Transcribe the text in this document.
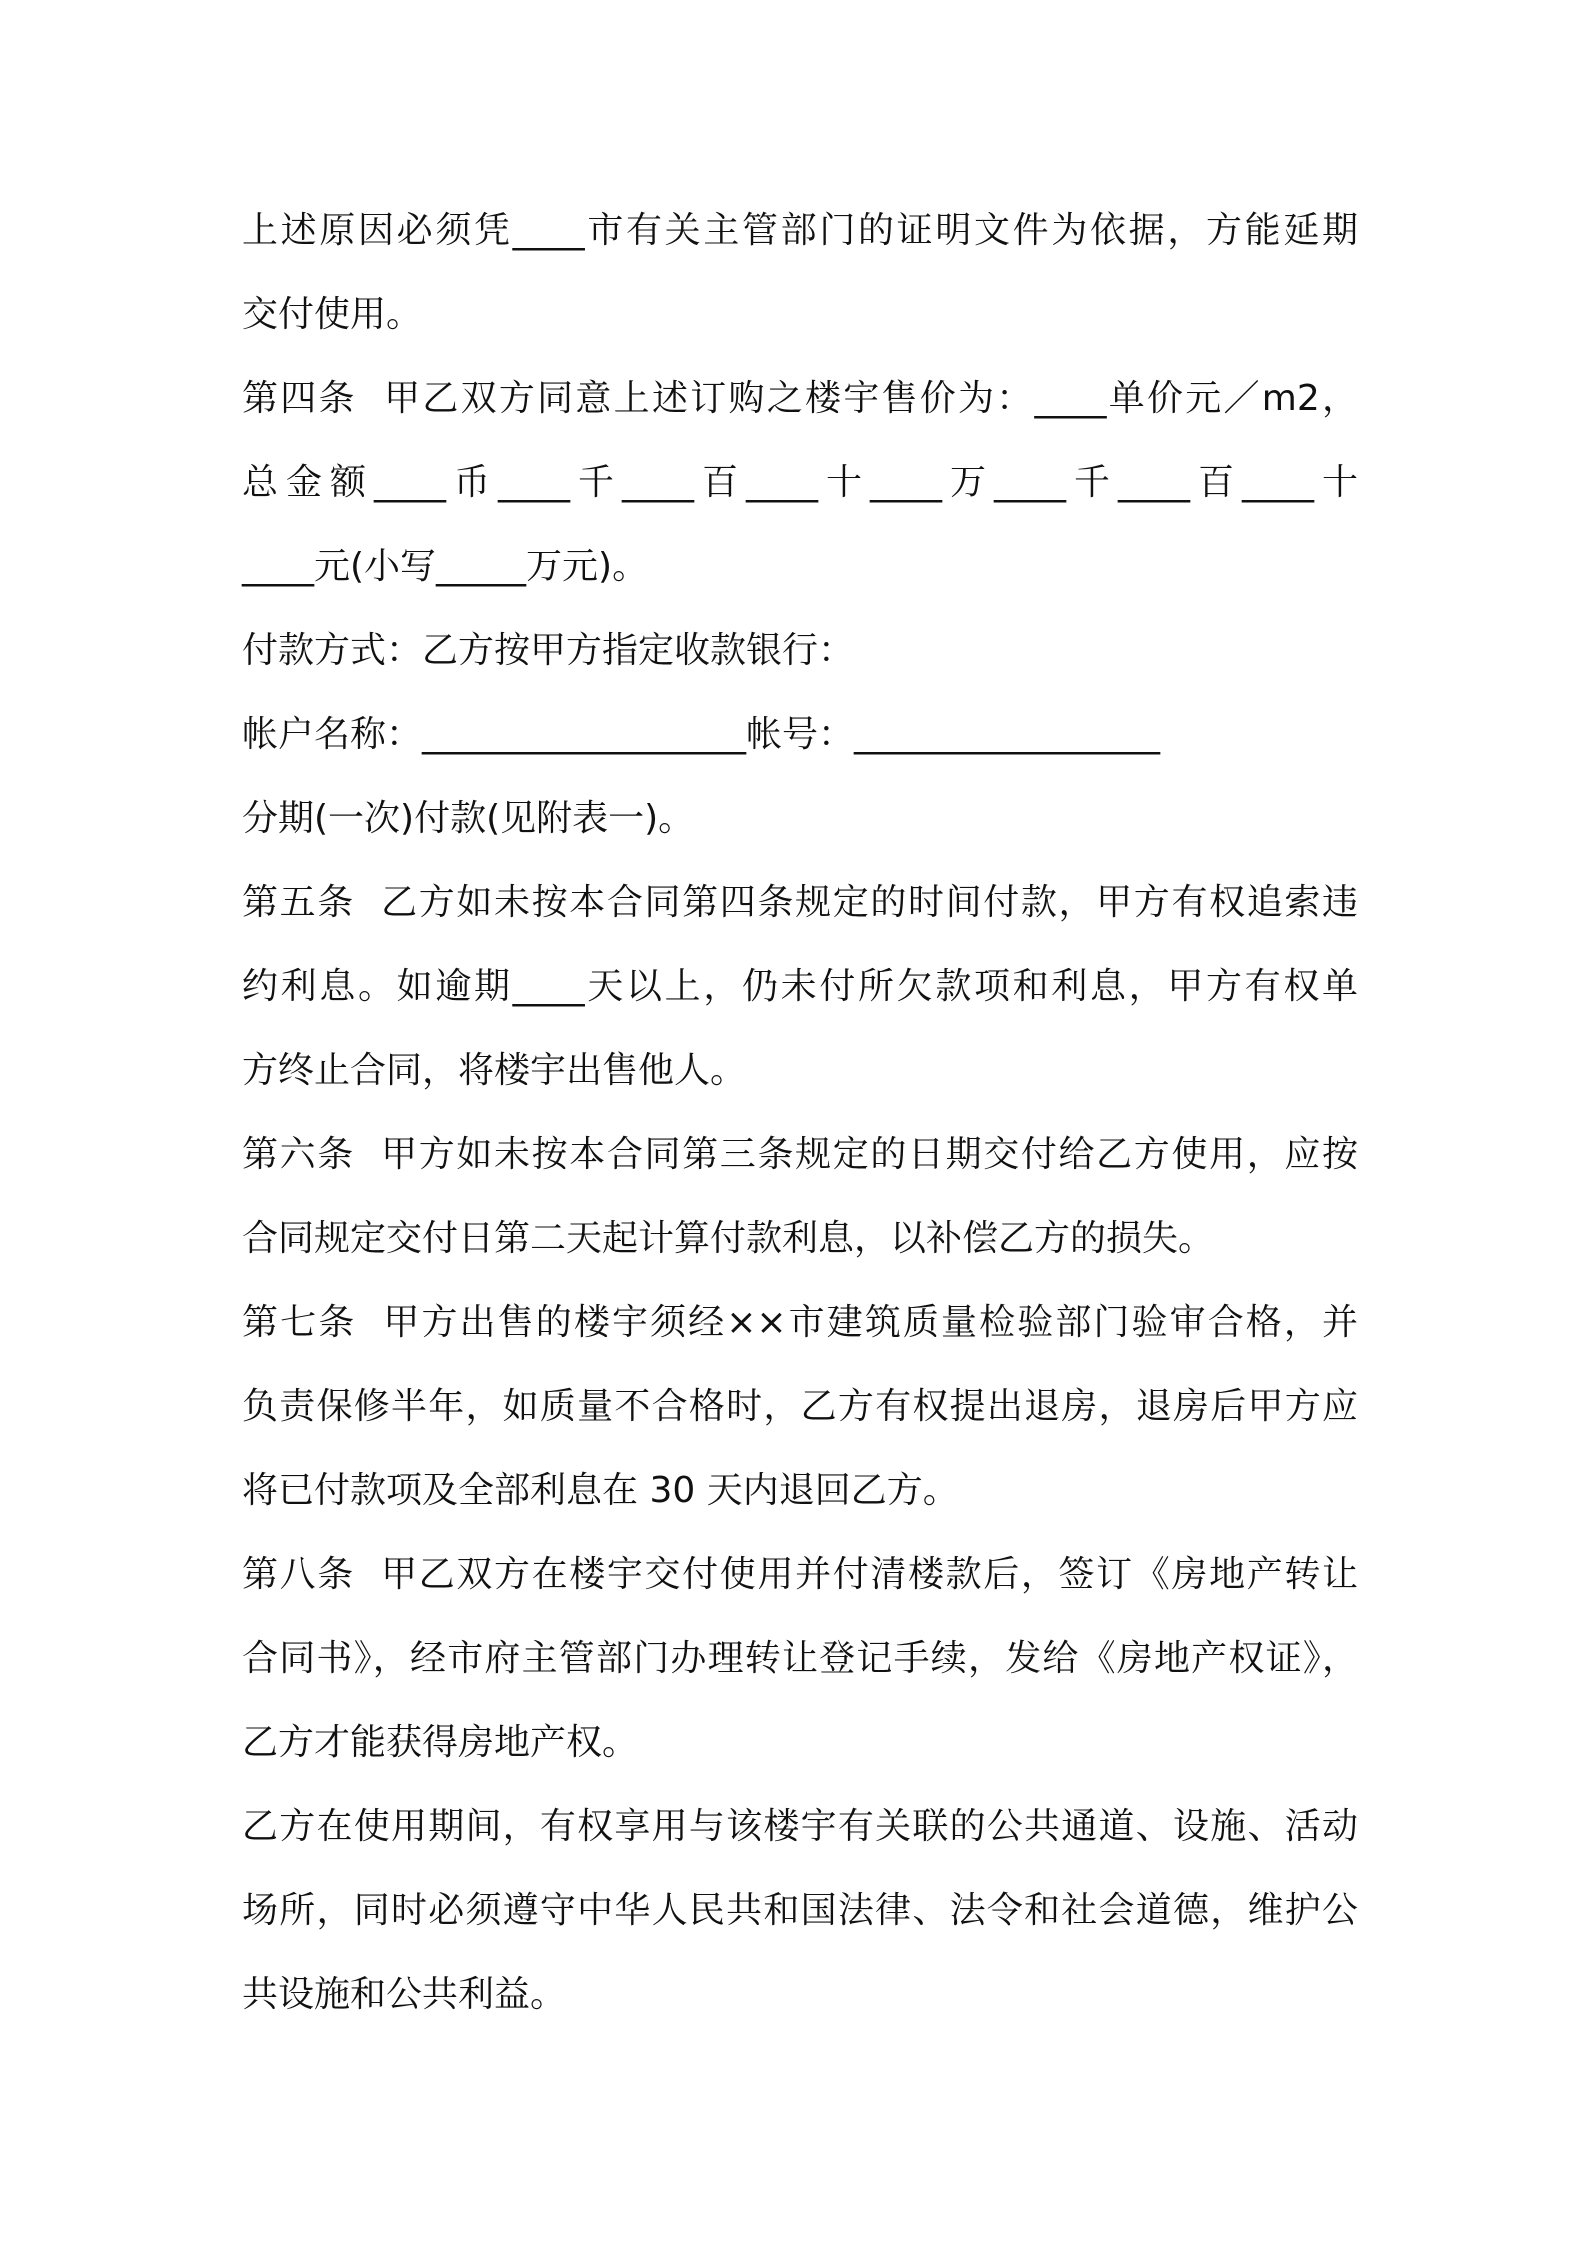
上述原因必须凭____市有关主管部门的证明文件为依据，方能延期
交付使用。
第四条  甲乙双方同意上述订购之楼宇售价为：____单价元／m2，
总金额____币____千____百____十____万____千____百____十
____元(小写_____万元)。
付款方式：乙方按甲方指定收款银行：
帐户名称：__________________帐号：_________________
分期(一次)付款(见附表一)。
第五条  乙方如未按本合同第四条规定的时间付款，甲方有权追索违
约利息。如逾期____天以上，仍未付所欠款项和利息，甲方有权单
方终止合同，将楼宇出售他人。
第六条  甲方如未按本合同第三条规定的日期交付给乙方使用，应按
合同规定交付日第二天起计算付款利息，以补偿乙方的损失。
第七条  甲方出售的楼宇须经××市建筑质量检验部门验审合格，并
负责保修半年，如质量不合格时，乙方有权提出退房，退房后甲方应
将已付款项及全部利息在 30 天内退回乙方。
第八条  甲乙双方在楼宇交付使用并付清楼款后，签订《房地产转让
合同书》，经市府主管部门办理转让登记手续，发给《房地产权证》，
乙方才能获得房地产权。
乙方在使用期间，有权享用与该楼宇有关联的公共通道、设施、活动
场所，同时必须遵守中华人民共和国法律、法令和社会道德，维护公
共设施和公共利益。
